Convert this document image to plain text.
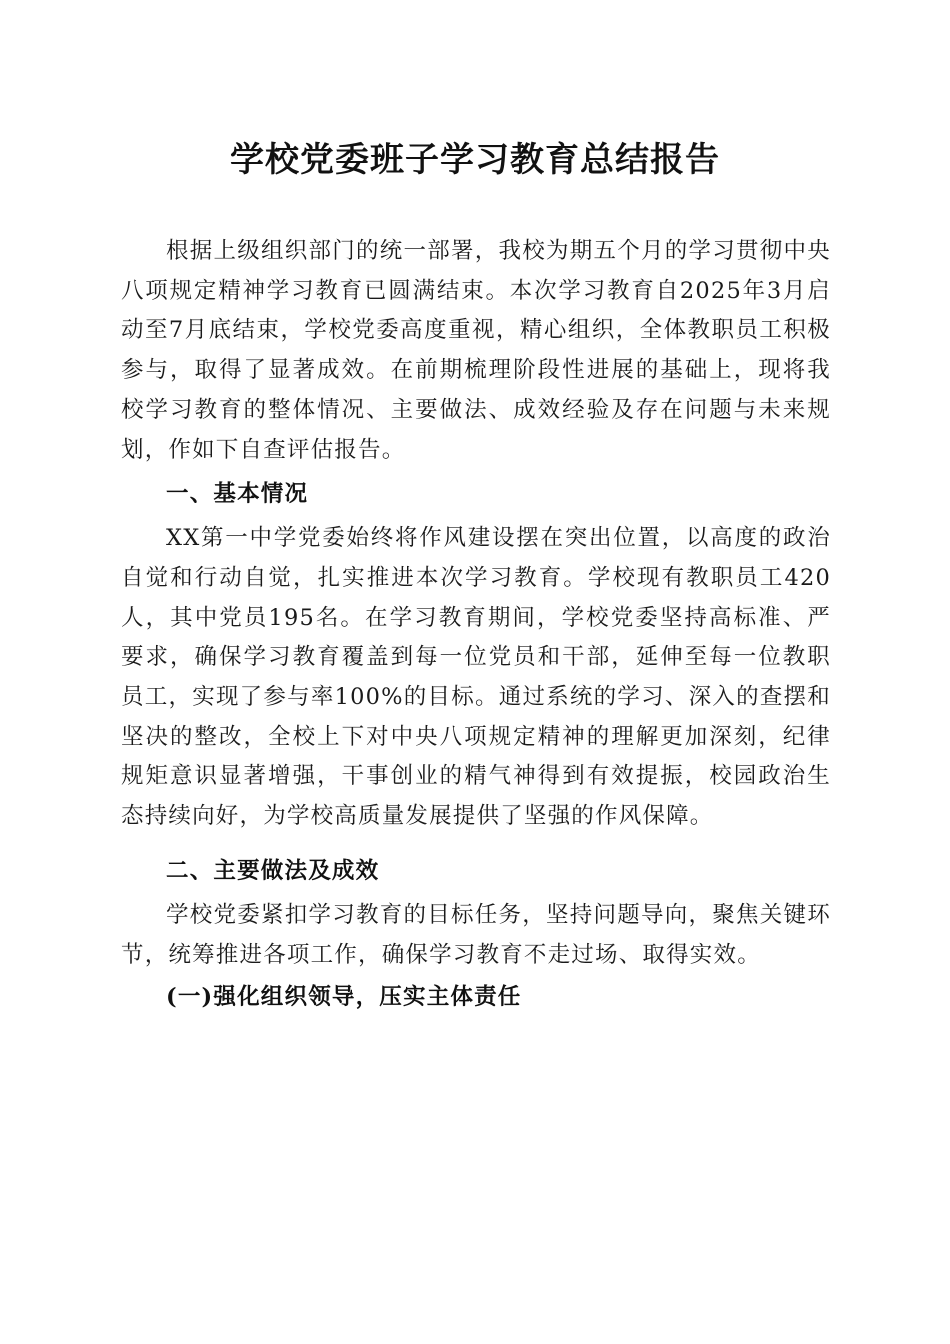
学校党委班子学习教育总结报告

根据上级组织部门的统一部署，我校为期五个月的学习贯彻中央八项规定精神学习教育已圆满结束。本次学习教育自2025年3月启动至7月底结束，学校党委高度重视，精心组织，全体教职员工积极参与，取得了显著成效。在前期梳理阶段性进展的基础上，现将我校学习教育的整体情况、主要做法、成效经验及存在问题与未来规划，作如下自查评估报告。

一、基本情况

XX第一中学党委始终将作风建设摆在突出位置，以高度的政治自觉和行动自觉，扎实推进本次学习教育。学校现有教职员工420人，其中党员195名。在学习教育期间，学校党委坚持高标准、严要求，确保学习教育覆盖到每一位党员和干部，延伸至每一位教职员工，实现了参与率100%的目标。通过系统的学习、深入的查摆和坚决的整改，全校上下对中央八项规定精神的理解更加深刻，纪律规矩意识显著增强，干事创业的精气神得到有效提振，校园政治生态持续向好，为学校高质量发展提供了坚强的作风保障。

二、主要做法及成效

学校党委紧扣学习教育的目标任务，坚持问题导向，聚焦关键环节，统筹推进各项工作，确保学习教育不走过场、取得实效。

(一)强化组织领导，压实主体责任
